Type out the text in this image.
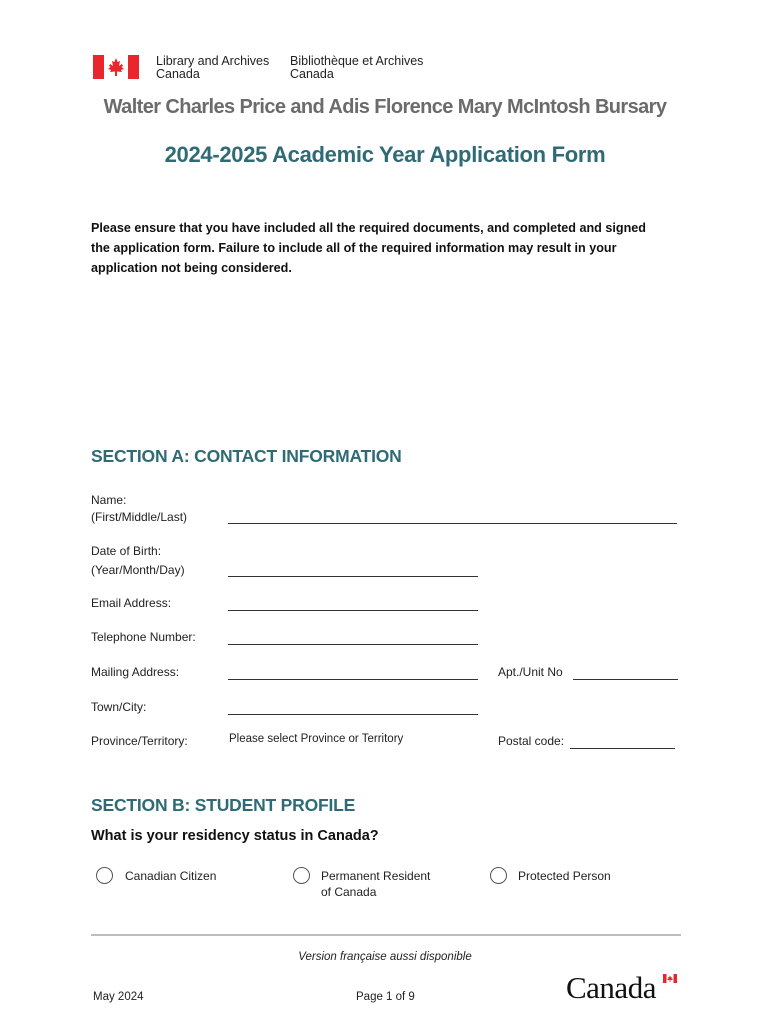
Library and Archives
Canada
Bibliothèque et Archives
Canada
Walter Charles Price and Adis Florence Mary McIntosh Bursary
2024-2025 Academic Year Application Form
Please ensure that you have included all the required documents, and completed and signed the application form. Failure to include all of the required information may result in your application not being considered.
SECTION A: CONTACT INFORMATION
Name:
(First/Middle/Last)
Date of Birth:
(Year/Month/Day)
Email Address:
Telephone Number:
Mailing Address:	Apt./Unit No
Town/City:
Province/Territory:	Please select Province or Territory	Postal code:
SECTION B: STUDENT PROFILE
What is your residency status in Canada?
Canadian Citizen	Permanent Resident
of Canada
Protected Person
Version française aussi disponible
May 2024	Page 1 of 9	Canada
